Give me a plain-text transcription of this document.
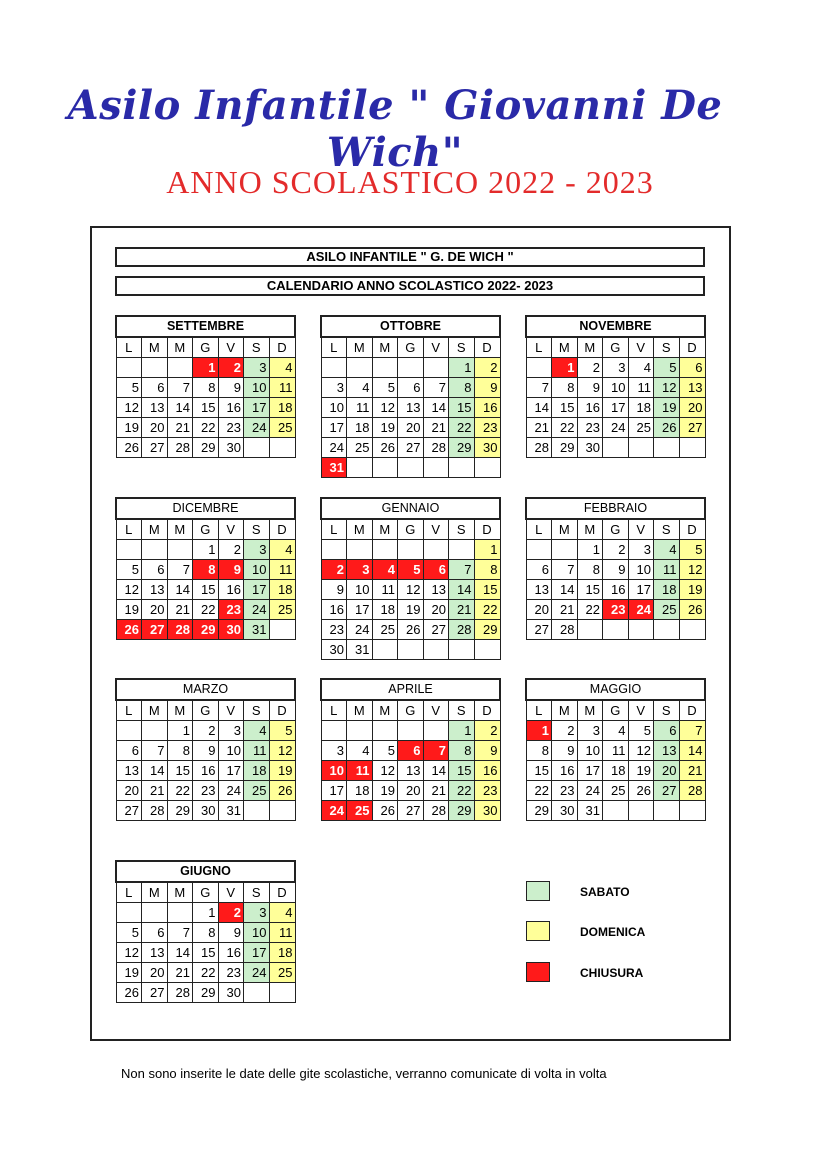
Asilo Infantile " Giovanni De Wich"
ANNO SCOLASTICO 2022 - 2023
ASILO INFANTILE " G. DE WICH "
CALENDARIO ANNO SCOLASTICO 2022- 2023
SETTEMBRE						
L	M	M	G	V	S	D
			1	2	3	4
5	6	7	8	9	10	11
12	13	14	15	16	17	18
19	20	21	22	23	24	25
26	27	28	29	30		
OTTOBRE						
L	M	M	G	V	S	D
					1	2
3	4	5	6	7	8	9
10	11	12	13	14	15	16
17	18	19	20	21	22	23
24	25	26	27	28	29	30
31						
NOVEMBRE						
L	M	M	G	V	S	D
	1	2	3	4	5	6
7	8	9	10	11	12	13
14	15	16	17	18	19	20
21	22	23	24	25	26	27
28	29	30				
DICEMBRE						
L	M	M	G	V	S	D
			1	2	3	4
5	6	7	8	9	10	11
12	13	14	15	16	17	18
19	20	21	22	23	24	25
26	27	28	29	30	31	
GENNAIO						
L	M	M	G	V	S	D
						1
2	3	4	5	6	7	8
9	10	11	12	13	14	15
16	17	18	19	20	21	22
23	24	25	26	27	28	29
30	31					
FEBBRAIO						
L	M	M	G	V	S	D
		1	2	3	4	5
6	7	8	9	10	11	12
13	14	15	16	17	18	19
20	21	22	23	24	25	26
27	28					
MARZO						
L	M	M	G	V	S	D
		1	2	3	4	5
6	7	8	9	10	11	12
13	14	15	16	17	18	19
20	21	22	23	24	25	26
27	28	29	30	31		
APRILE						
L	M	M	G	V	S	D
					1	2
3	4	5	6	7	8	9
10	11	12	13	14	15	16
17	18	19	20	21	22	23
24	25	26	27	28	29	30
MAGGIO						
L	M	M	G	V	S	D
1	2	3	4	5	6	7
8	9	10	11	12	13	14
15	16	17	18	19	20	21
22	23	24	25	26	27	28
29	30	31				
GIUGNO						
L	M	M	G	V	S	D
			1	2	3	4
5	6	7	8	9	10	11
12	13	14	15	16	17	18
19	20	21	22	23	24	25
26	27	28	29	30		
SABATO
DOMENICA
CHIUSURA
Non sono inserite le date delle gite scolastiche, verranno comunicate di volta in volta
